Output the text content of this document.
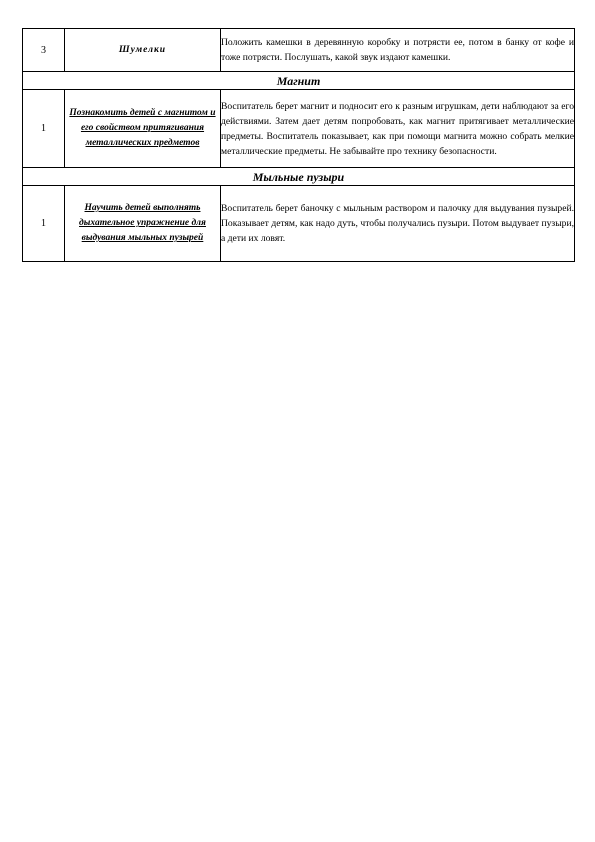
3	Шумелки	Положить камешки в деревянную коробку и потрясти ее, потом в банку от кофе и тоже потрясти. Послушать, какой звук издают камешки.
Магнит		
1	Познакомить детей с магнитом и его свойством притягивания металлических предметов	Воспитатель берет магнит и подносит его к разным игрушкам, дети наблюдают за его действиями. Затем дает детям попробовать, как магнит притягивает металлические предметы. Воспитатель показывает, как при помощи магнита можно собрать мелкие металлические предметы. Не забывайте про технику безопасности.
Мыльные пузыри		
1	Научить детей выполнять дыхательное упражнение для выдувания мыльных пузырей	Воспитатель берет баночку с мыльным раствором и палочку для выдувания пузырей. Показывает детям, как надо дуть, чтобы получались пузыри. Потом выдувает пузыри, а дети их ловят.
